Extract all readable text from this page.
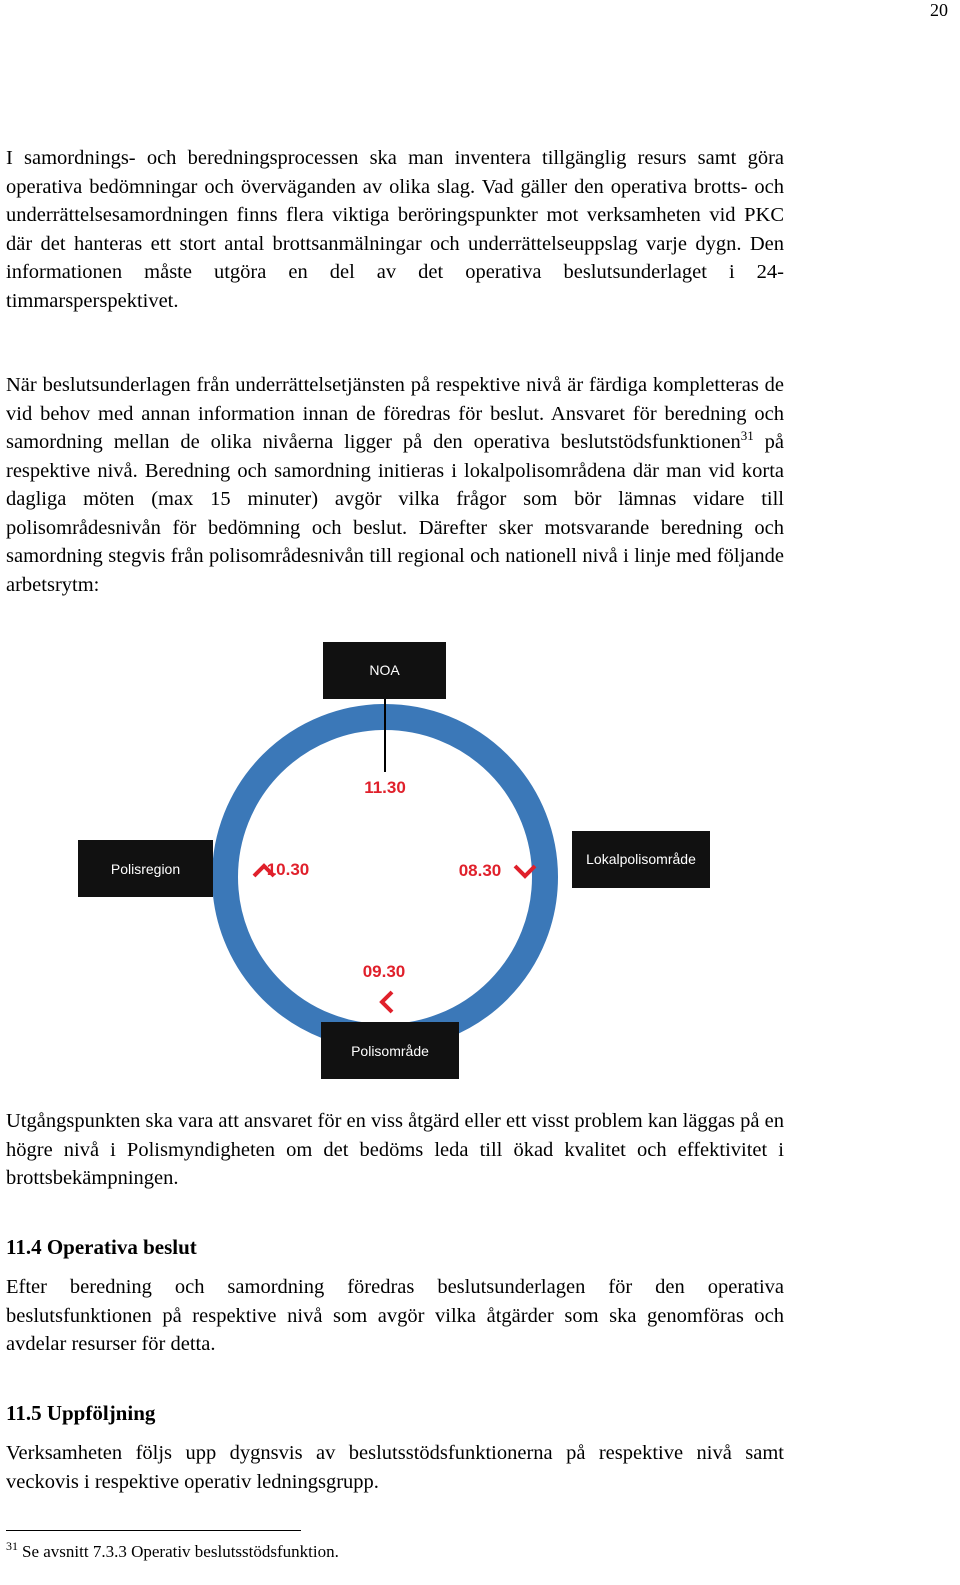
20

I samordnings- och beredningsprocessen ska man inventera tillgänglig resurs samt göra operativa bedömningar och överväganden av olika slag. Vad gäller den operativa brotts- och underrättelsesamordningen finns flera viktiga beröringspunkter mot verksamheten vid PKC där det hanteras ett stort antal brottsanmälningar och underrättelseuppslag varje dygn. Den informationen måste utgöra en del av det operativa beslutsunderlaget i 24-timmarsperspektivet.

När beslutsunderlagen från underrättelsetjänsten på respektive nivå är färdiga kompletteras de vid behov med annan information innan de föredras för beslut. Ansvaret för beredning och samordning mellan de olika nivåerna ligger på den operativa beslutstödsfunktionen$^{31}$ på respektive nivå. Beredning och samordning initieras i lokalpolisområdena där man vid korta dagliga möten (max 15 minuter) avgör vilka frågor som bör lämnas vidare till polisområdesnivån för bedömning och beslut. Därefter sker motsvarande beredning och samordning stegvis från polisområdesnivån till regional och nationell nivå i linje med följande arbetsrytm:

NOA
Polisregion
Lokalpolisområde
Polisområde
11.30
10.30	08.30
09.30

Utgångspunkten ska vara att ansvaret för en viss åtgärd eller ett visst problem kan läggas på en högre nivå i Polismyndigheten om det bedöms leda till ökad kvalitet och effektivitet i brottsbekämpningen.

11.4 Operativa beslut

Efter beredning och samordning föredras beslutsunderlagen för den operativa beslutsfunktionen på respektive nivå som avgör vilka åtgärder som ska genomföras och avdelar resurser för detta.

11.5 Uppföljning

Verksamheten följs upp dygnsvis av beslutsstödsfunktionerna på respektive nivå samt veckovis i respektive operativ ledningsgrupp.

$^{31}$ Se avsnitt 7.3.3 Operativ beslutsstödsfunktion.
